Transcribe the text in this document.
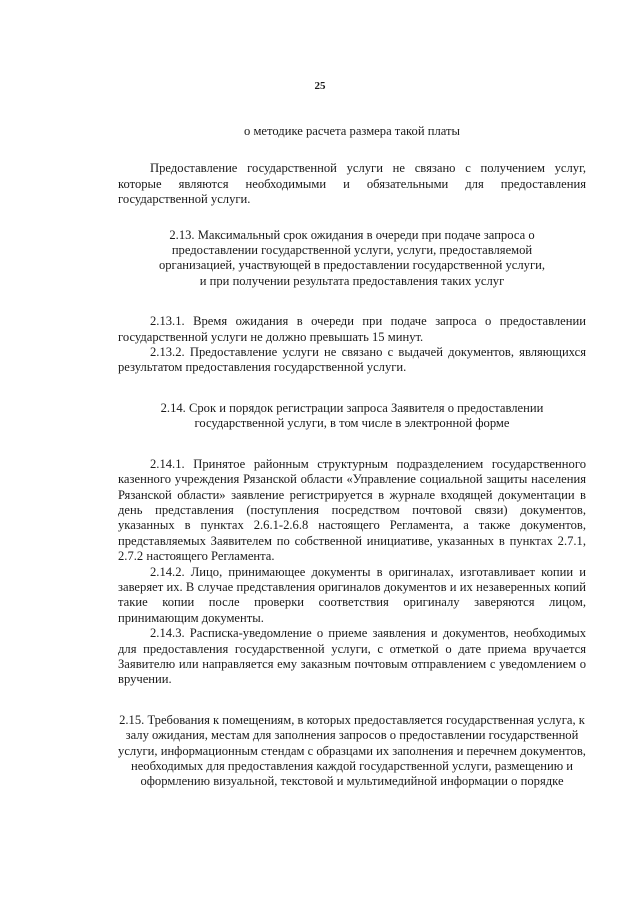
25

о методике расчета размера такой платы

Предоставление государственной услуги не связано с получением услуг, которые являются необходимыми и обязательными для предоставления государственной услуги.

2.13. Максимальный срок ожидания в очереди при подаче запроса о предоставлении государственной услуги, услуги, предоставляемой организацией, участвующей в предоставлении государственной услуги, и при получении результата предоставления таких услуг

2.13.1. Время ожидания в очереди при подаче запроса о предоставлении государственной услуги не должно превышать 15 минут.

2.13.2. Предоставление услуги не связано с выдачей документов, являющихся результатом предоставления государственной услуги.

2.14. Срок и порядок регистрации запроса Заявителя о предоставлении государственной услуги, в том числе в электронной форме

2.14.1. Принятое районным структурным подразделением государственного казенного учреждения Рязанской области «Управление социальной защиты населения Рязанской области» заявление регистрируется в журнале входящей документации в день представления (поступления посредством почтовой связи) документов, указанных в пунктах 2.6.1-2.6.8 настоящего Регламента, а также документов, представляемых Заявителем по собственной инициативе, указанных в пунктах 2.7.1, 2.7.2 настоящего Регламента.

2.14.2. Лицо, принимающее документы в оригиналах, изготавливает копии и заверяет их. В случае представления оригиналов документов и их незаверенных копий такие копии после проверки соответствия оригиналу заверяются лицом, принимающим документы.

2.14.3. Расписка-уведомление о приеме заявления и документов, необходимых для предоставления государственной услуги, с отметкой о дате приема вручается Заявителю или направляется ему заказным почтовым отправлением с уведомлением о вручении.

2.15. Требования к помещениям, в которых предоставляется государственная услуга, к залу ожидания, местам для заполнения запросов о предоставлении государственной услуги, информационным стендам с образцами их заполнения и перечнем документов, необходимых для предоставления каждой государственной услуги, размещению и оформлению визуальной, текстовой и мультимедийной информации о порядке
